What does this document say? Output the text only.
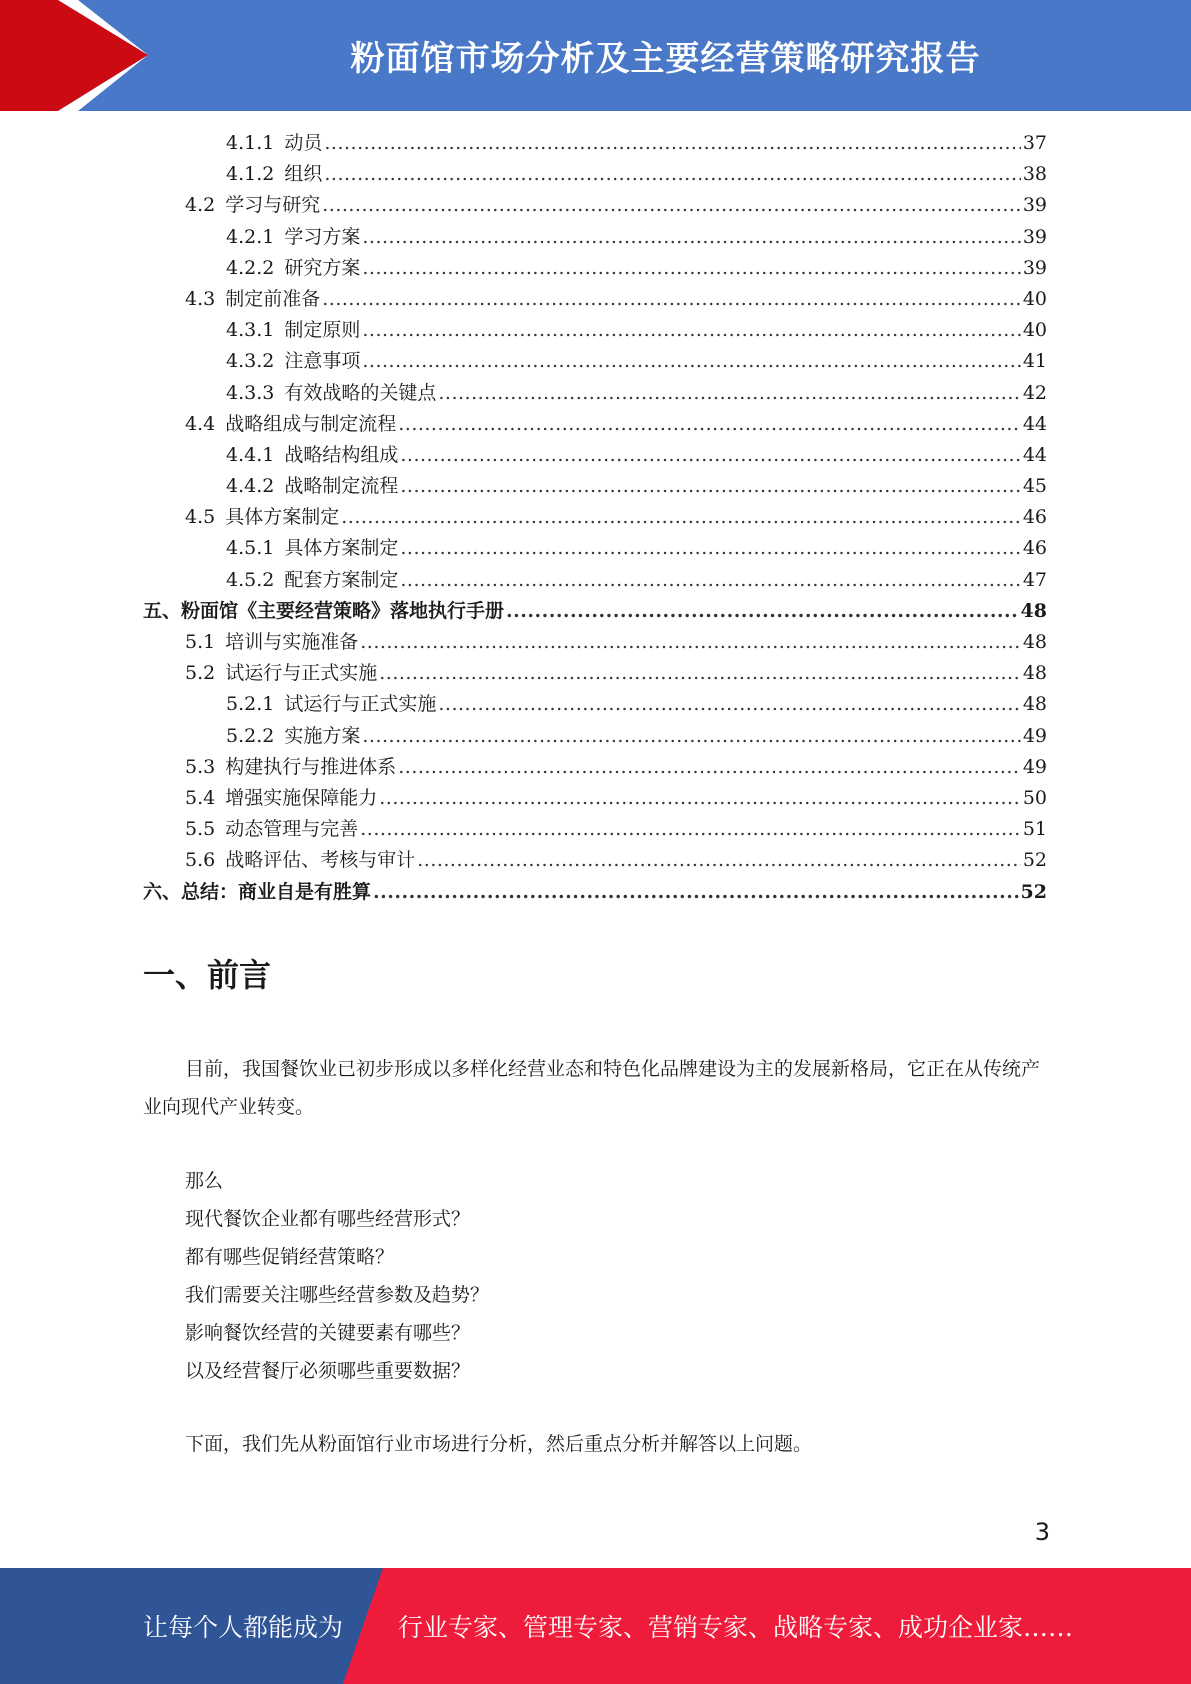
粉面馆市场分析及主要经营策略研究报告
4.1.1 动员 .....	37
4.1.2 组织 .....	38
4.2 学习与研究 .....	39
4.2.1 学习方案 .....	39
4.2.2 研究方案 .....	39
4.3 制定前准备 .....	40
4.3.1 制定原则 .....	40
4.3.2 注意事项 .....	41
4.3.3 有效战略的关键点 .....	42
4.4 战略组成与制定流程 .....	44
4.4.1 战略结构组成 .....	44
4.4.2 战略制定流程 .....	45
4.5 具体方案制定 .....	46
4.5.1 具体方案制定 .....	46
4.5.2 配套方案制定 .....	47
五、粉面馆《主要经营策略》落地执行手册 .....	48
5.1 培训与实施准备 .....	48
5.2 试运行与正式实施 .....	48
5.2.1 试运行与正式实施 .....	48
5.2.2 实施方案 .....	49
5.3 构建执行与推进体系 .....	49
5.4 增强实施保障能力 .....	50
5.5 动态管理与完善 .....	51
5.6 战略评估、考核与审计 .....	52
六、总结：商业自是有胜算 .....	52
一、前言
目前，我国餐饮业已初步形成以多样化经营业态和特色化品牌建设为主的发展新格局，它正在从传统产业向现代产业转变。
那么
现代餐饮企业都有哪些经营形式？
都有哪些促销经营策略？
我们需要关注哪些经营参数及趋势？
影响餐饮经营的关键要素有哪些？
以及经营餐厅必须哪些重要数据？
下面，我们先从粉面馆行业市场进行分析，然后重点分析并解答以上问题。
3
让每个人都能成为 行业专家、管理专家、营销专家、战略专家、成功企业家……
